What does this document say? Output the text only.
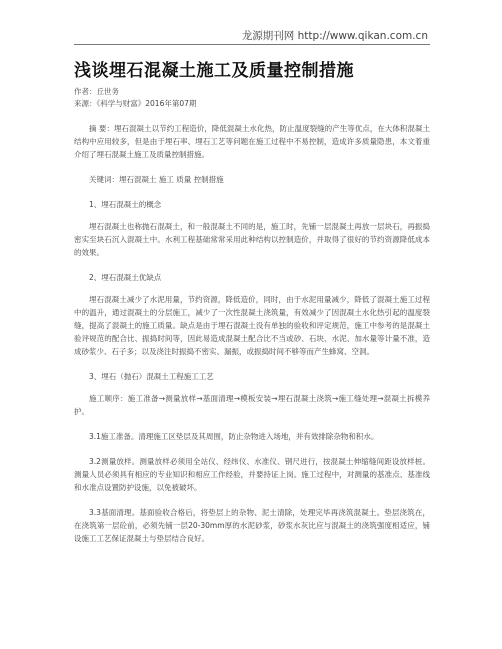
龙源期刊网 http://www.qikan.com.cn
浅谈埋石混凝土施工及质量控制措施
作者：丘世务
来源：《科学与财富》2016年第07期

摘 要：埋石混凝土以节约工程造价，降低混凝土水化热，防止温度裂缝的产生等优点，在大体积混凝土结构中应用较多，但是由于埋石率、埋石工艺等问题在施工过程中不易控制，造成许多质量隐患，本文着重介绍了埋石混凝土施工及质量控制措施。

关键词：埋石混凝土 施工 质量 控制措施

1、埋石混凝土的概念

埋石混凝土也称抛石混凝土，和一般混凝土不同的是，施工时，先铺一层混凝土再放一层块石，再振捣密实至块石沉入混凝土中。水利工程基础常常采用此种结构以控制造价，并取得了很好的节约资源降低成本的效果。

2、埋石混凝土优缺点

埋石混凝土减少了水泥用量，节约资源，降低造价，同时，由于水泥用量减少，降低了混凝土施工过程中的温升，通过混凝土的分层施工，减少了一次性混凝土浇筑量，有效减少了因混凝土水化热引起的温度裂缝，提高了混凝土的施工质量。缺点是由于埋石混凝土没有单独的验收和评定规范，施工中参考的是混凝土验评规范的配合比、振捣时间等，因此易造成混凝土配合比不当或砂、石块、水泥、加水量等计量不准，造成砂浆少、石子多；以及浇注时振捣不密实、漏振，或振捣时间不够等而产生蜂窝、空洞。

3、埋石（抛石）混凝土工程施工工艺

施工顺序：施工准备→测量放样→基面清理→模板安装→埋石混凝土浇筑→施工缝处理→混凝土拆模养护。

3.1施工准备。清理施工区垫层及其周围，防止杂物进入场地，并有效排除杂物和积水。

3.2测量放样。测量放样必须用全站仪、经纬仪、水准仪、钢尺进行，按混凝土伸缩缝间距设放样桩。测量人员必须具有相应的专业知识和相应工作经验，并要持证上岗。施工过程中，对测量的基准点、基准线和水准点设置防护设施，以免被破坏。

3.3基面清理。基面验收合格后，将垫层上的杂物、泥土清除，处理完毕再浇筑混凝土。垫层浇筑在，在浇筑第一层砼前，必须先铺一层20-30mm厚的水泥砂浆，砂浆水灰比应与混凝土的浇筑强度相适应，铺设施工工艺保证混凝土与垫层结合良好。
